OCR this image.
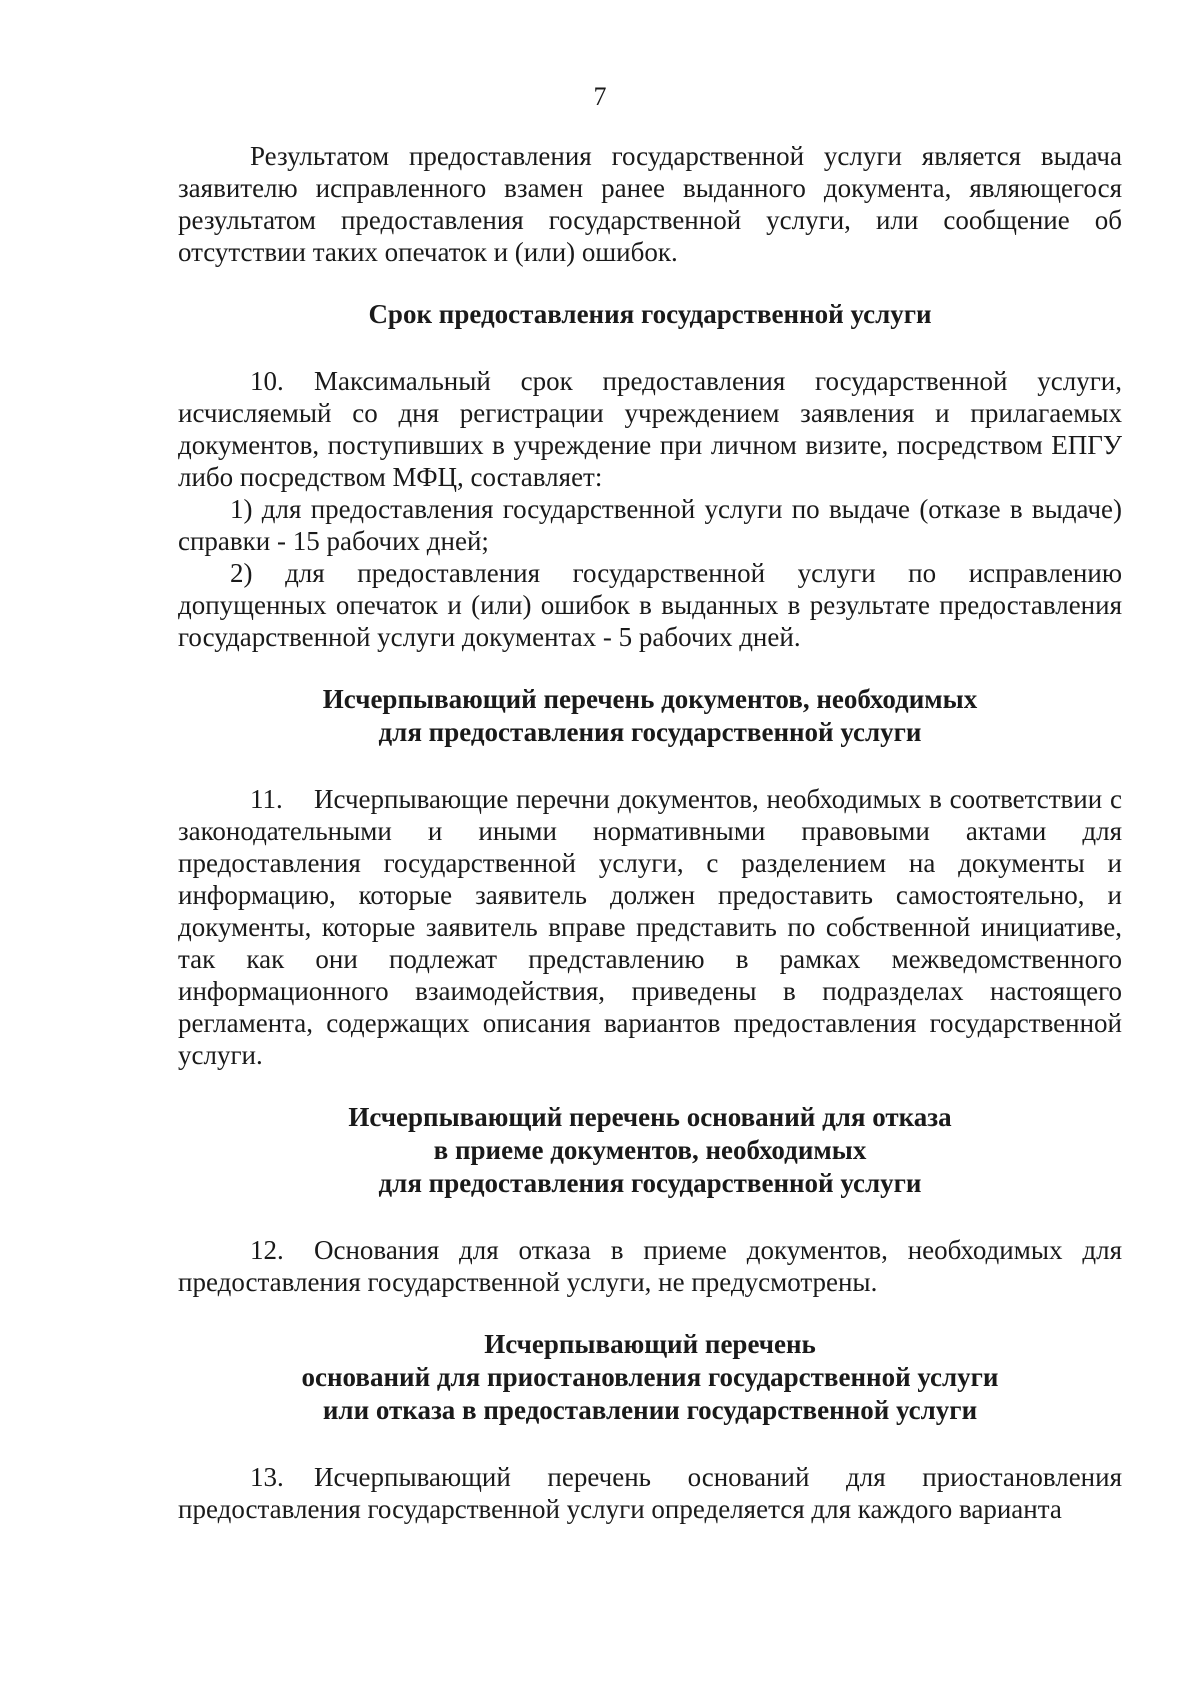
7

Результатом предоставления государственной услуги является выдача заявителю исправленного взамен ранее выданного документа, являющегося результатом предоставления государственной услуги, или сообщение об отсутствии таких опечаток и (или) ошибок.

Срок предоставления государственной услуги

10. Максимальный срок предоставления государственной услуги, исчисляемый со дня регистрации учреждением заявления и прилагаемых документов, поступивших в учреждение при личном визите, посредством ЕПГУ либо посредством МФЦ, составляет:

1) для предоставления государственной услуги по выдаче (отказе в выдаче) справки - 15 рабочих дней;

2) для предоставления государственной услуги по исправлению допущенных опечаток и (или) ошибок в выданных в результате предоставления государственной услуги документах - 5 рабочих дней.

Исчерпывающий перечень документов, необходимых
для предоставления государственной услуги

11. Исчерпывающие перечни документов, необходимых в соответствии с законодательными и иными нормативными правовыми актами для предоставления государственной услуги, с разделением на документы и информацию, которые заявитель должен предоставить самостоятельно, и документы, которые заявитель вправе представить по собственной инициативе, так как они подлежат представлению в рамках межведомственного информационного взаимодействия, приведены в подразделах настоящего регламента, содержащих описания вариантов предоставления государственной услуги.

Исчерпывающий перечень оснований для отказа
в приеме документов, необходимых
для предоставления государственной услуги

12. Основания для отказа в приеме документов, необходимых для предоставления государственной услуги, не предусмотрены.

Исчерпывающий перечень
оснований для приостановления государственной услуги
или отказа в предоставлении государственной услуги

13. Исчерпывающий перечень оснований для приостановления предоставления государственной услуги определяется для каждого варианта
